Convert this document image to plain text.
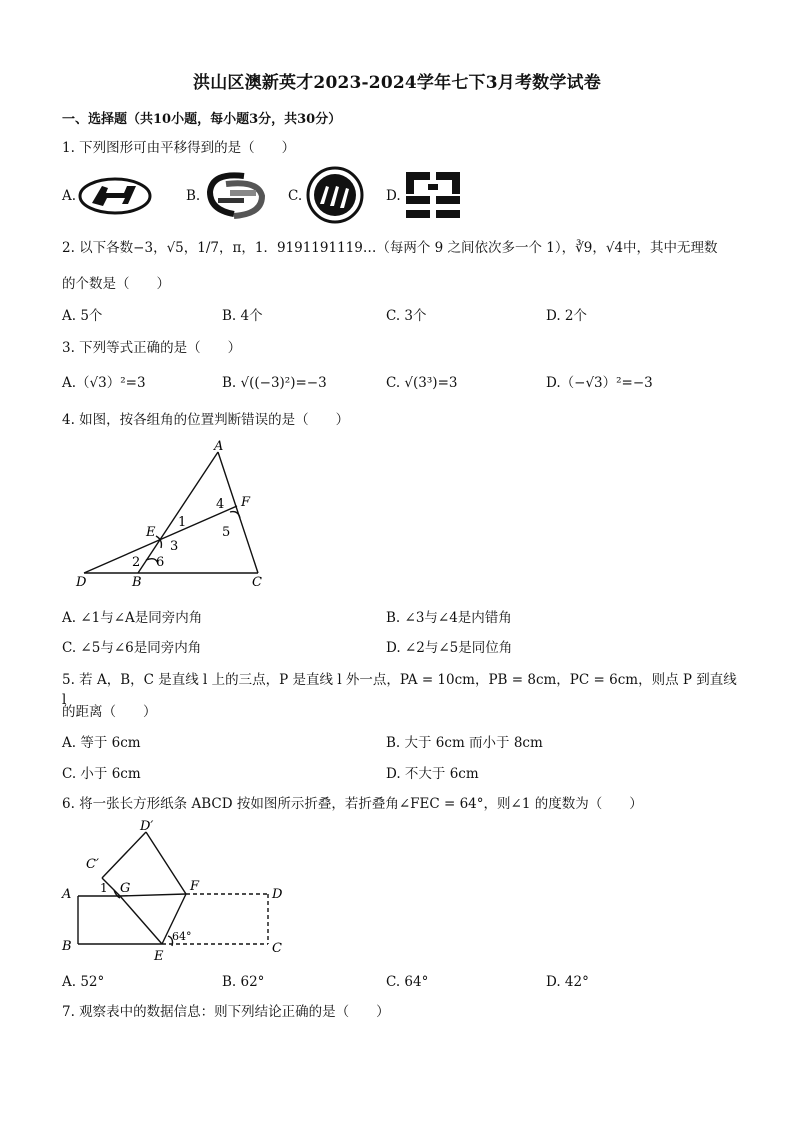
洪山区澳新英才2023-2024学年七下3月考数学试卷
一、选择题（共10小题，每小题3分，共30分）
1. 下列图形可由平移得到的是（　　）
A.	B.	C.	D.
2. 以下各数−3，√5，1/7，π，1．9191191119…（每两个 9 之间依次多一个 1），∛9，√4中，其中无理数
的个数是（　　）
A. 5个	B. 4个	C. 3个	D. 2个
3. 下列等式正确的是（　　）
A.（√3）²=3	B. √((−3)²)=−3	C. √(3³)=3	D.（−√3）²=−3
4. 如图，按各组角的位置判断错误的是（　　）
A
F
4
E
1
5
3
2 6
D	B	C
A. ∠1与∠A是同旁内角	B. ∠3与∠4是内错角
C. ∠5与∠6是同旁内角	D. ∠2与∠5是同位角
5. 若 A，B，C 是直线 l 上的三点，P 是直线 l 外一点，PA = 10cm，PB = 8cm，PC = 6cm，则点 P 到直线 l
的距离（　　）
A. 等于 6cm	B. 大于 6cm 而小于 8cm
C. 小于 6cm	D. 不大于 6cm
6. 将一张长方形纸条 ABCD 按如图所示折叠，若折叠角∠FEC = 64°，则∠1 的度数为（　　）
D′
C′
A 1 G	F
D
B
E
C
64°
A. 52°	B. 62°	C. 64°	D. 42°
7. 观察表中的数据信息：则下列结论正确的是（　　）
